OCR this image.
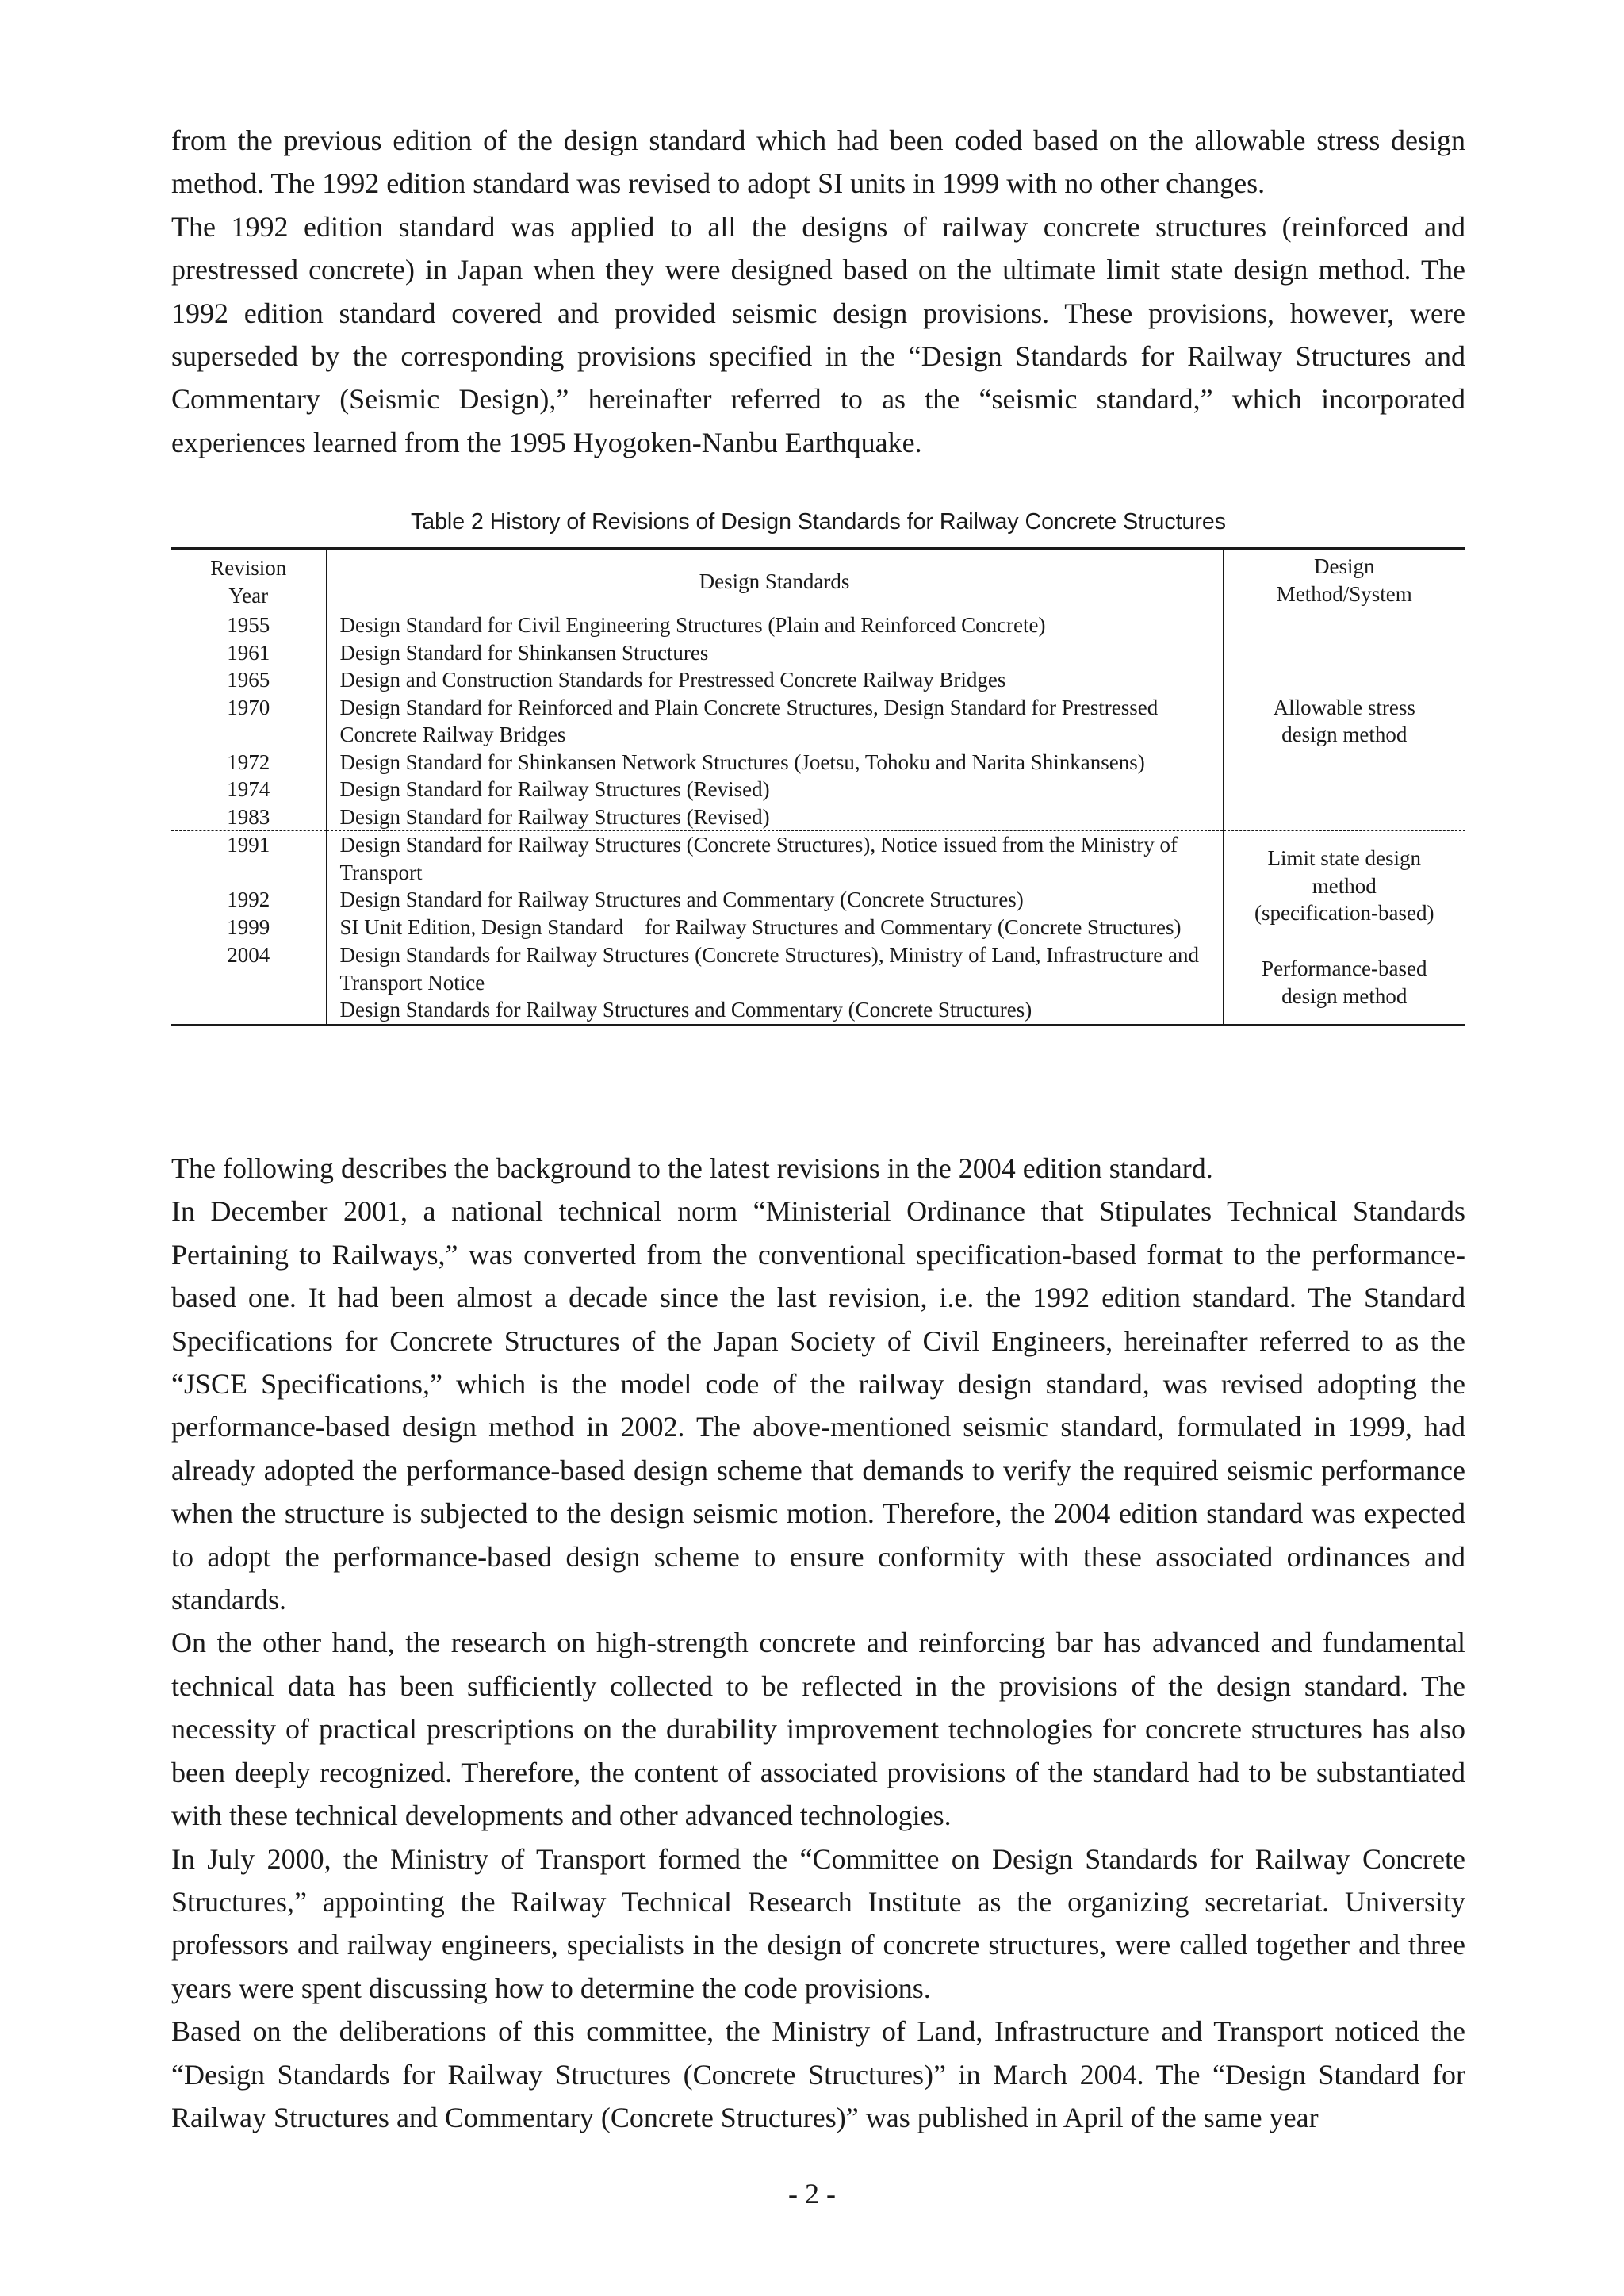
from the previous edition of the design standard which had been coded based on the allowable stress design method. The 1992 edition standard was revised to adopt SI units in 1999 with no other changes.

The 1992 edition standard was applied to all the designs of railway concrete structures (reinforced and prestressed concrete) in Japan when they were designed based on the ultimate limit state design method. The 1992 edition standard covered and provided seismic design provisions. These provisions, however, were superseded by the corresponding provisions specified in the “Design Standards for Railway Structures and Commentary (Seismic Design),” hereinafter referred to as the “seismic standard,” which incorporated experiences learned from the 1995 Hyogoken-Nanbu Earthquake.

Table 2 History of Revisions of Design Standards for Railway Concrete Structures
Revision
Year	Design Standards	Design
Method/System
1955	Design Standard for Civil Engineering Structures (Plain and Reinforced Concrete)	Allowable stress
design method
1961	Design Standard for Shinkansen Structures	
1965	Design and Construction Standards for Prestressed Concrete Railway Bridges	
1970	Design Standard for Reinforced and Plain Concrete Structures, Design Standard for Prestressed Concrete Railway Bridges	
1972	Design Standard for Shinkansen Network Structures (Joetsu, Tohoku and Narita Shinkansens)	
1974	Design Standard for Railway Structures (Revised)	
1983	Design Standard for Railway Structures (Revised)	
1991	Design Standard for Railway Structures (Concrete Structures), Notice issued from the Ministry of Transport	Limit state design
method
(specification-based)
1992	Design Standard for Railway Structures and Commentary (Concrete Structures)	
1999	SI Unit Edition, Design Standard for Railway Structures and Commentary (Concrete Structures)	
2004	Design Standards for Railway Structures (Concrete Structures), Ministry of Land, Infrastructure and Transport Notice	Performance-based
design method
	Design Standards for Railway Structures and Commentary (Concrete Structures)	

The following describes the background to the latest revisions in the 2004 edition standard.

In December 2001, a national technical norm “Ministerial Ordinance that Stipulates Technical Standards Pertaining to Railways,” was converted from the conventional specification-based format to the performance-based one. It had been almost a decade since the last revision, i.e. the 1992 edition standard. The Standard Specifications for Concrete Structures of the Japan Society of Civil Engineers, hereinafter referred to as the “JSCE Specifications,” which is the model code of the railway design standard, was revised adopting the performance-based design method in 2002. The above-mentioned seismic standard, formulated in 1999, had already adopted the performance-based design scheme that demands to verify the required seismic performance when the structure is subjected to the design seismic motion. Therefore, the 2004 edition standard was expected to adopt the performance-based design scheme to ensure conformity with these associated ordinances and standards.

On the other hand, the research on high-strength concrete and reinforcing bar has advanced and fundamental technical data has been sufficiently collected to be reflected in the provisions of the design standard. The necessity of practical prescriptions on the durability improvement technologies for concrete structures has also been deeply recognized. Therefore, the content of associated provisions of the standard had to be substantiated with these technical developments and other advanced technologies.

In July 2000, the Ministry of Transport formed the “Committee on Design Standards for Railway Concrete Structures,” appointing the Railway Technical Research Institute as the organizing secretariat. University professors and railway engineers, specialists in the design of concrete structures, were called together and three years were spent discussing how to determine the code provisions.

Based on the deliberations of this committee, the Ministry of Land, Infrastructure and Transport noticed the “Design Standards for Railway Structures (Concrete Structures)” in March 2004. The “Design Standard for Railway Structures and Commentary (Concrete Structures)” was published in April of the same year

- 2 -
